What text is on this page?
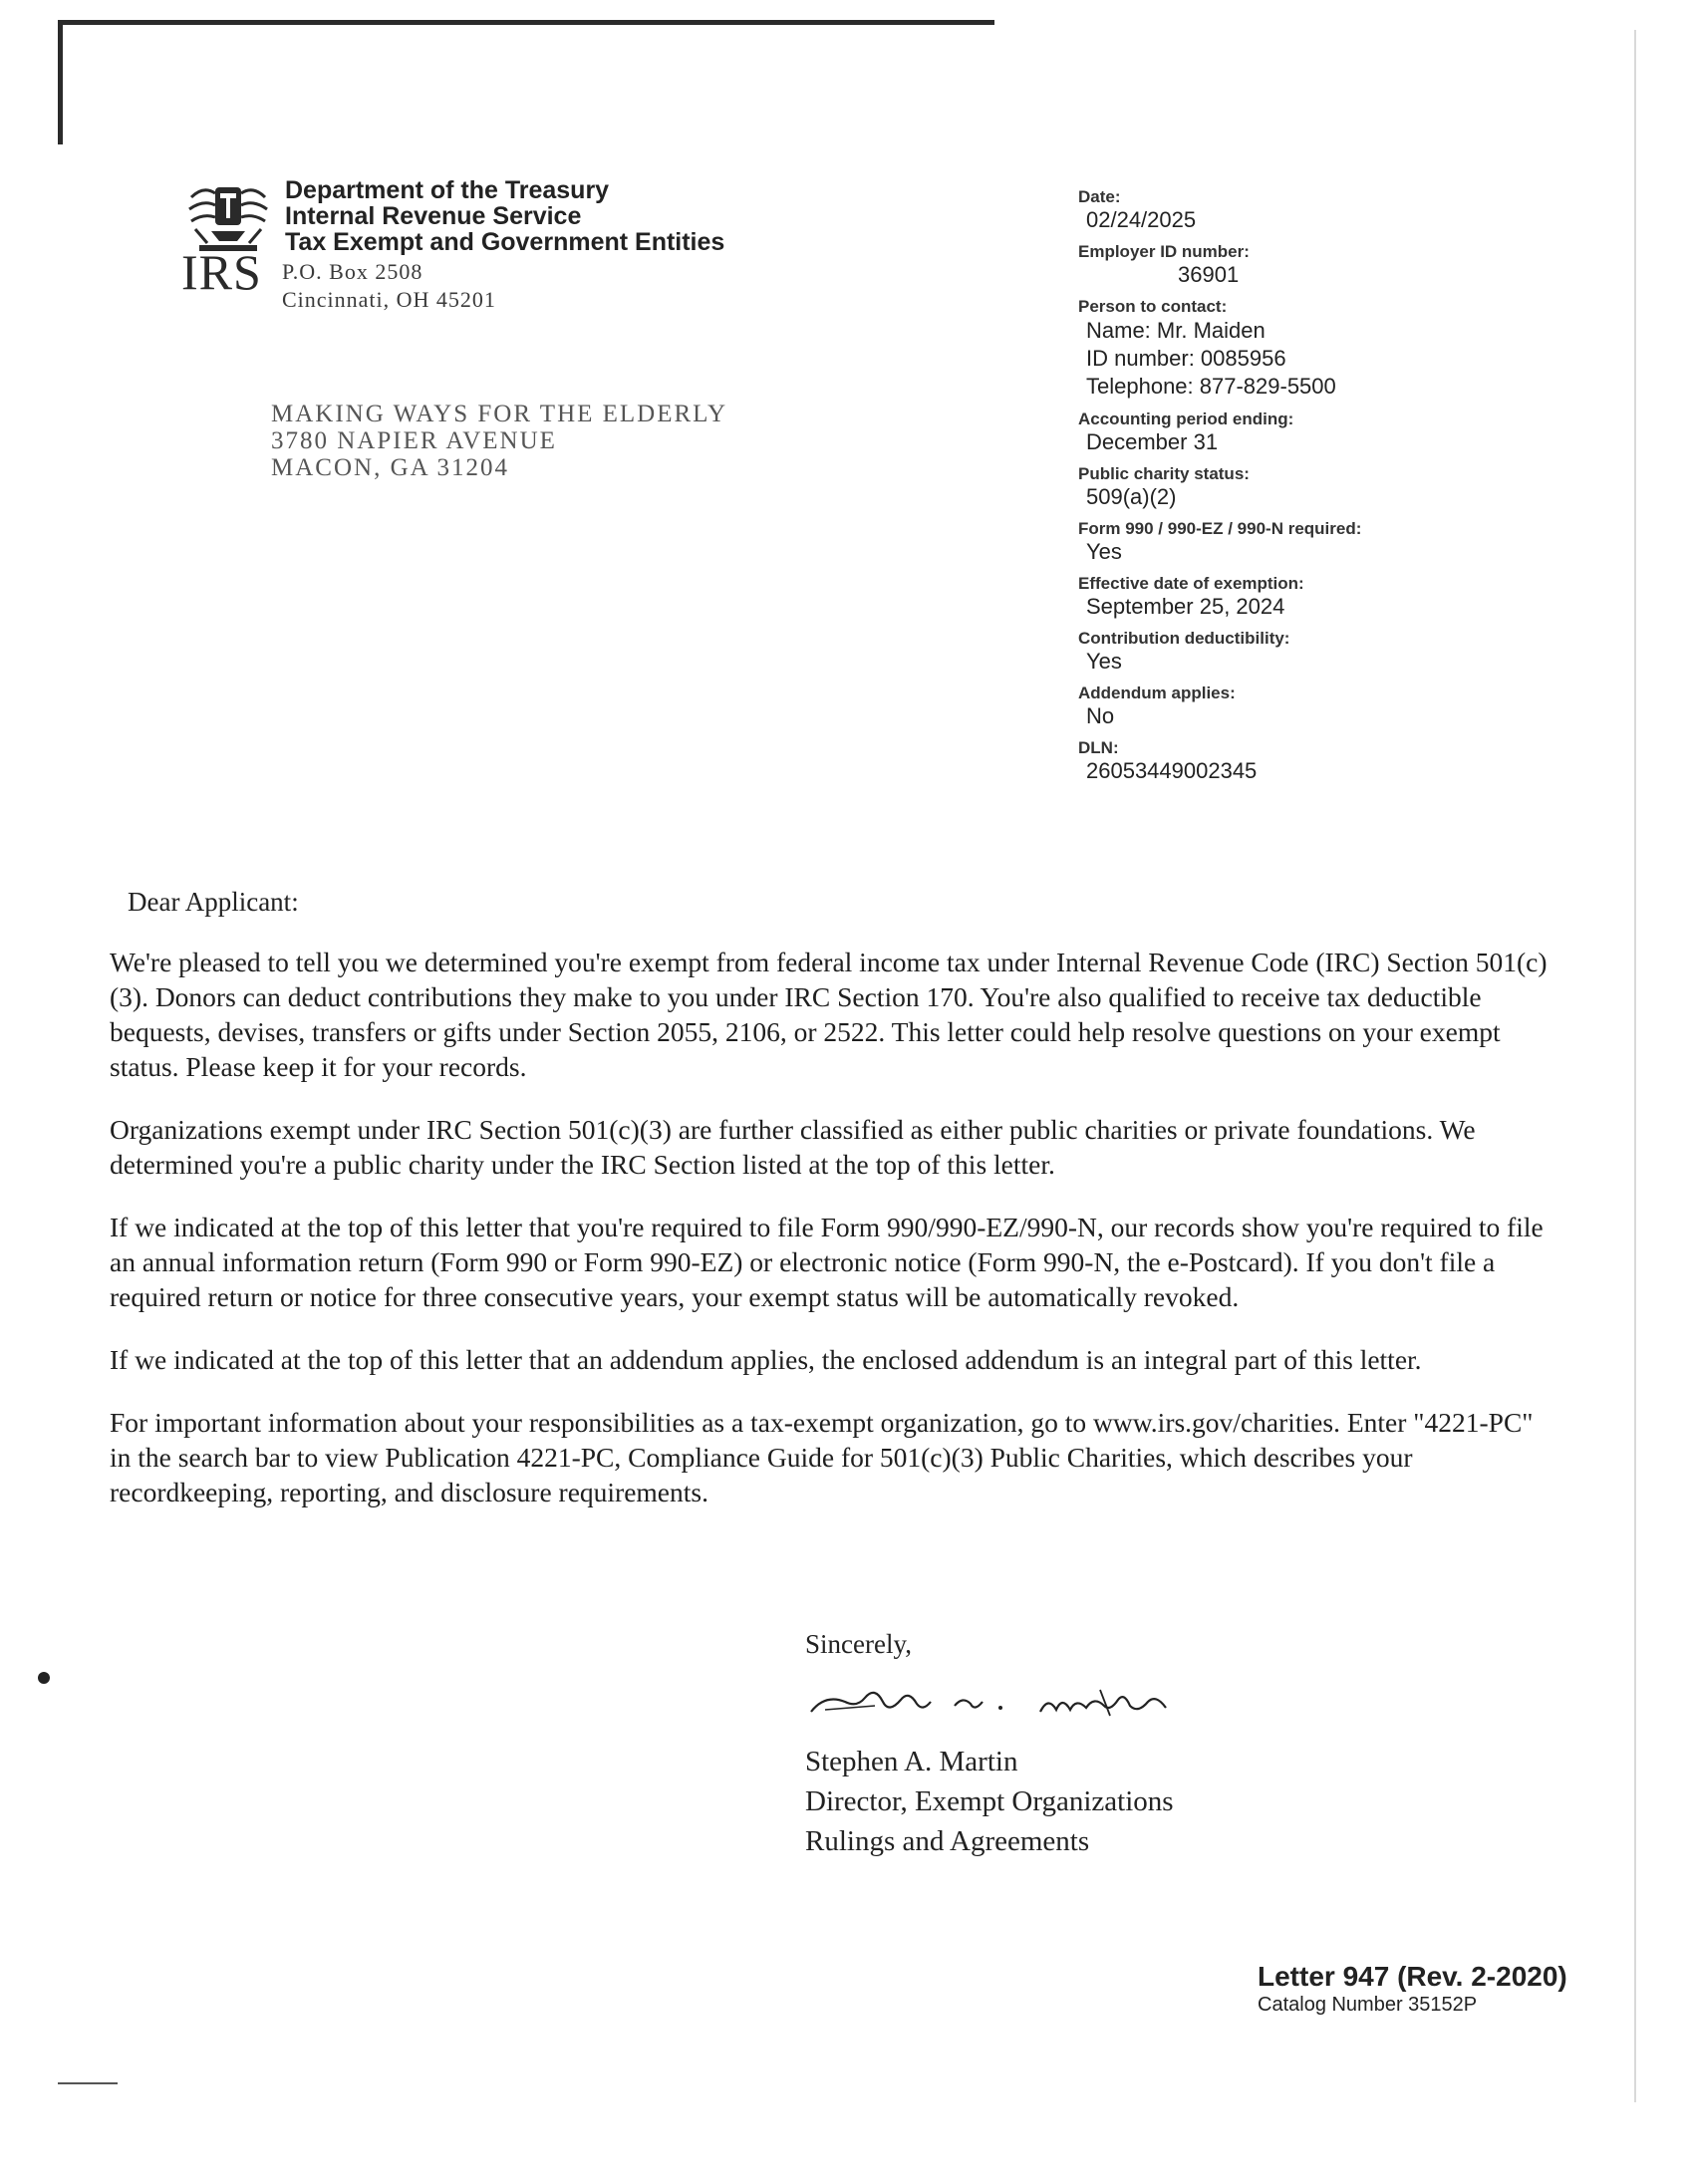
IRS
Department of the Treasury
Internal Revenue Service
Tax Exempt and Government Entities
P.O. Box 2508
Cincinnati, OH 45201
MAKING WAYS FOR THE ELDERLY
3780 NAPIER AVENUE
MACON, GA 31204
Date:
02/24/2025
Employer ID number:
36901
Person to contact:
Name: Mr. Maiden
ID number: 0085956
Telephone: 877-829-5500
Accounting period ending:
December 31
Public charity status:
509(a)(2)
Form 990 / 990-EZ / 990-N required:
Yes
Effective date of exemption:
September 25, 2024
Contribution deductibility:
Yes
Addendum applies:
No
DLN:
26053449002345
Dear Applicant:

We're pleased to tell you we determined you're exempt from federal income tax under Internal Revenue Code (IRC) Section 501(c)(3). Donors can deduct contributions they make to you under IRC Section 170. You're also qualified to receive tax deductible bequests, devises, transfers or gifts under Section 2055, 2106, or 2522. This letter could help resolve questions on your exempt status. Please keep it for your records.

Organizations exempt under IRC Section 501(c)(3) are further classified as either public charities or private foundations. We determined you're a public charity under the IRC Section listed at the top of this letter.

If we indicated at the top of this letter that you're required to file Form 990/990-EZ/990-N, our records show you're required to file an annual information return (Form 990 or Form 990-EZ) or electronic notice (Form 990-N, the e-Postcard). If you don't file a required return or notice for three consecutive years, your exempt status will be automatically revoked.

If we indicated at the top of this letter that an addendum applies, the enclosed addendum is an integral part of this letter.

For important information about your responsibilities as a tax-exempt organization, go to www.irs.gov/charities. Enter "4221-PC" in the search bar to view Publication 4221-PC, Compliance Guide for 501(c)(3) Public Charities, which describes your recordkeeping, reporting, and disclosure requirements.

Sincerely,
Stephen A. Martin
Director, Exempt Organizations
Rulings and Agreements
Letter 947 (Rev. 2-2020)
Catalog Number 35152P
